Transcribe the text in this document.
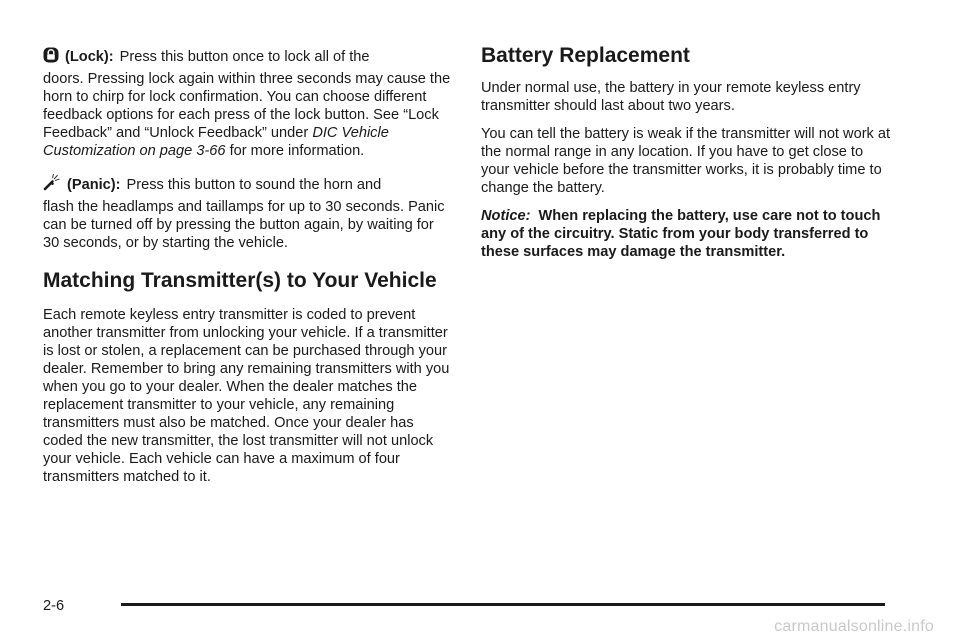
(Lock): Press this button once to lock all of the
doors. Pressing lock again within three seconds may cause the horn to chirp for lock confirmation. You can choose different feedback options for each press of the lock button. See “Lock Feedback” and “Unlock Feedback” under DIC Vehicle Customization on page 3-66 for more information.

(Panic): Press this button to sound the horn and
flash the headlamps and taillamps for up to 30 seconds. Panic can be turned off by pressing the button again, by waiting for 30 seconds, or by starting the vehicle.

Matching Transmitter(s) to Your Vehicle

Each remote keyless entry transmitter is coded to prevent another transmitter from unlocking your vehicle. If a transmitter is lost or stolen, a replacement can be purchased through your dealer. Remember to bring any remaining transmitters with you when you go to your dealer. When the dealer matches the replacement transmitter to your vehicle, any remaining transmitters must also be matched. Once your dealer has coded the new transmitter, the lost transmitter will not unlock your vehicle. Each vehicle can have a maximum of four transmitters matched to it.

Battery Replacement

Under normal use, the battery in your remote keyless entry transmitter should last about two years.

You can tell the battery is weak if the transmitter will not work at the normal range in any location. If you have to get close to your vehicle before the transmitter works, it is probably time to change the battery.

Notice: When replacing the battery, use care not to touch any of the circuitry. Static from your body transferred to these surfaces may damage the transmitter.

2-6
carmanualsonline.info
